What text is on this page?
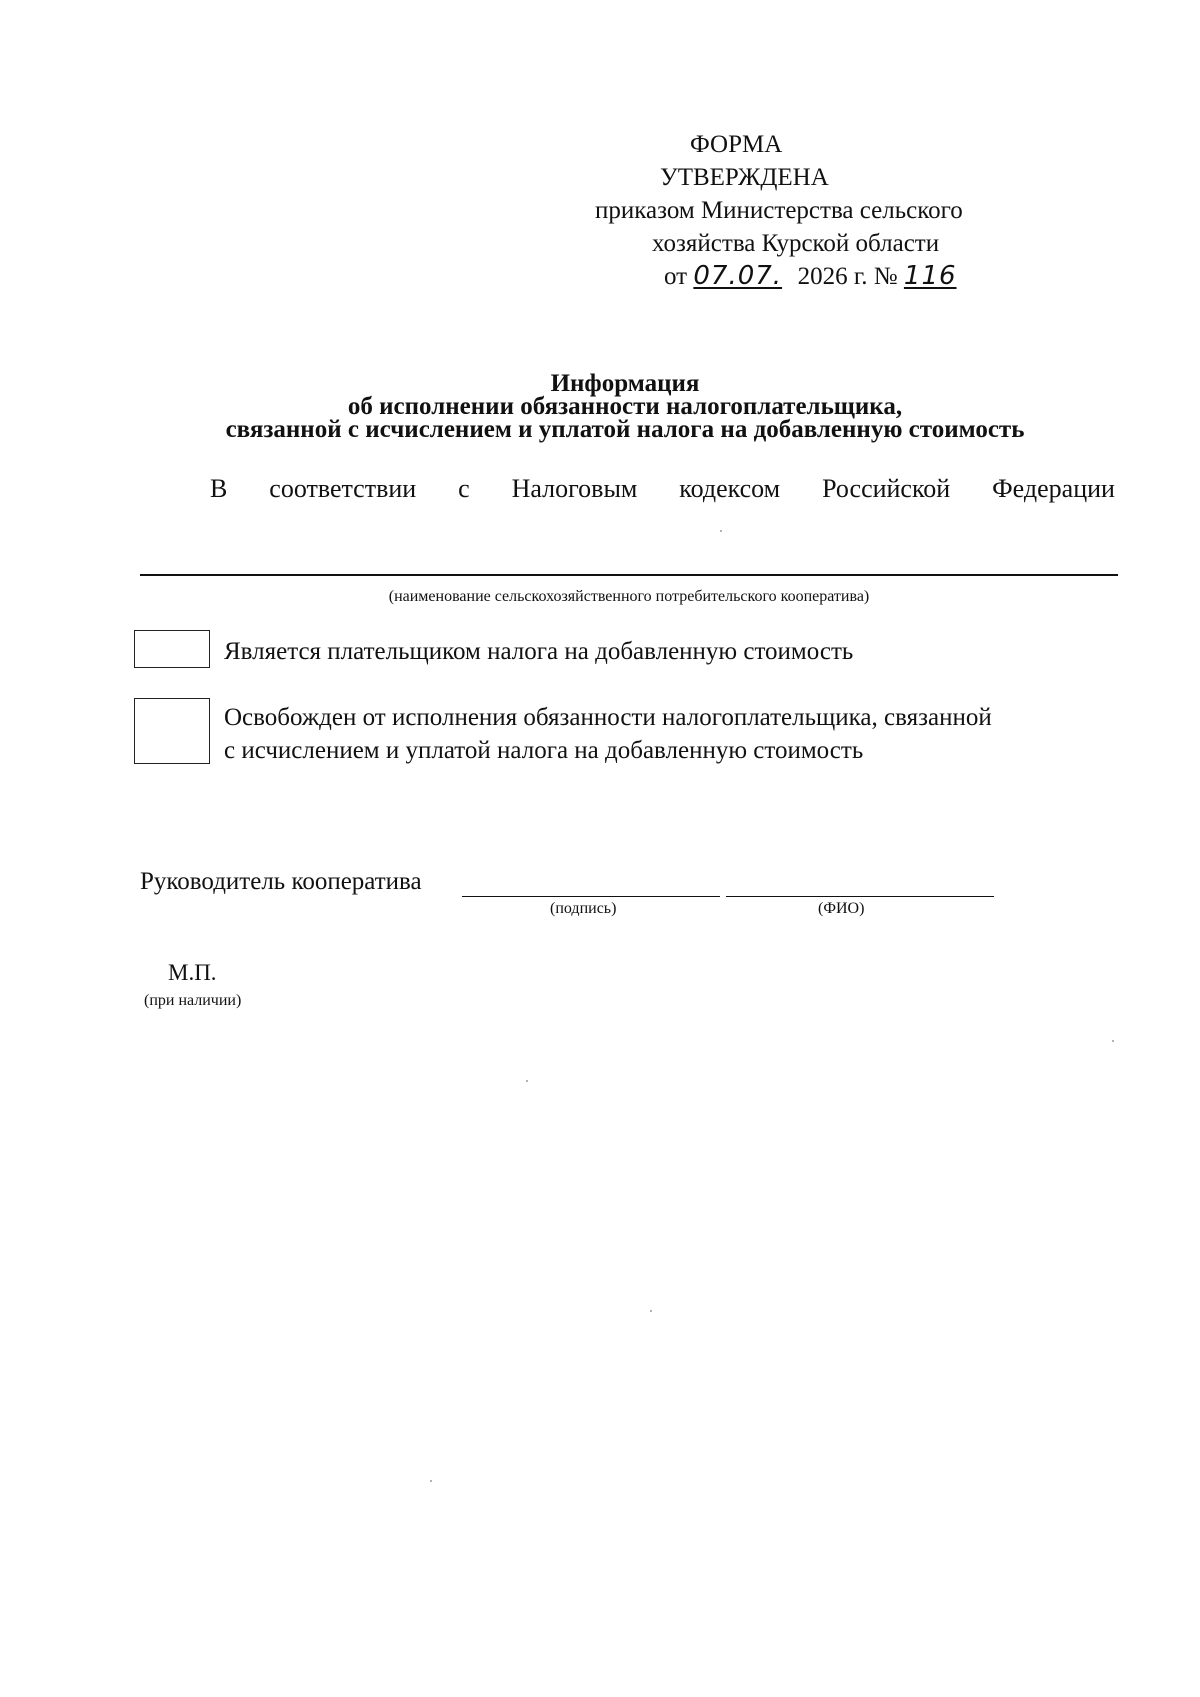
ФОРМА
УТВЕРЖДЕНА
приказом Министерства сельского
хозяйства Курской области
от 07.07. 2026 г. № 116
Информация
об исполнении обязанности налогоплательщика,
связанной с исчислением и уплатой налога на добавленную стоимость
В соответствии с Налоговым кодексом Российской Федерации
(наименование сельскохозяйственного потребительского кооператива)
Является плательщиком налога на добавленную стоимость
Освобожден от исполнения обязанности налогоплательщика, связанной
с исчислением и уплатой налога на добавленную стоимость
Руководитель кооператива
(подпись)	(ФИО)
М.П.
(при наличии)
